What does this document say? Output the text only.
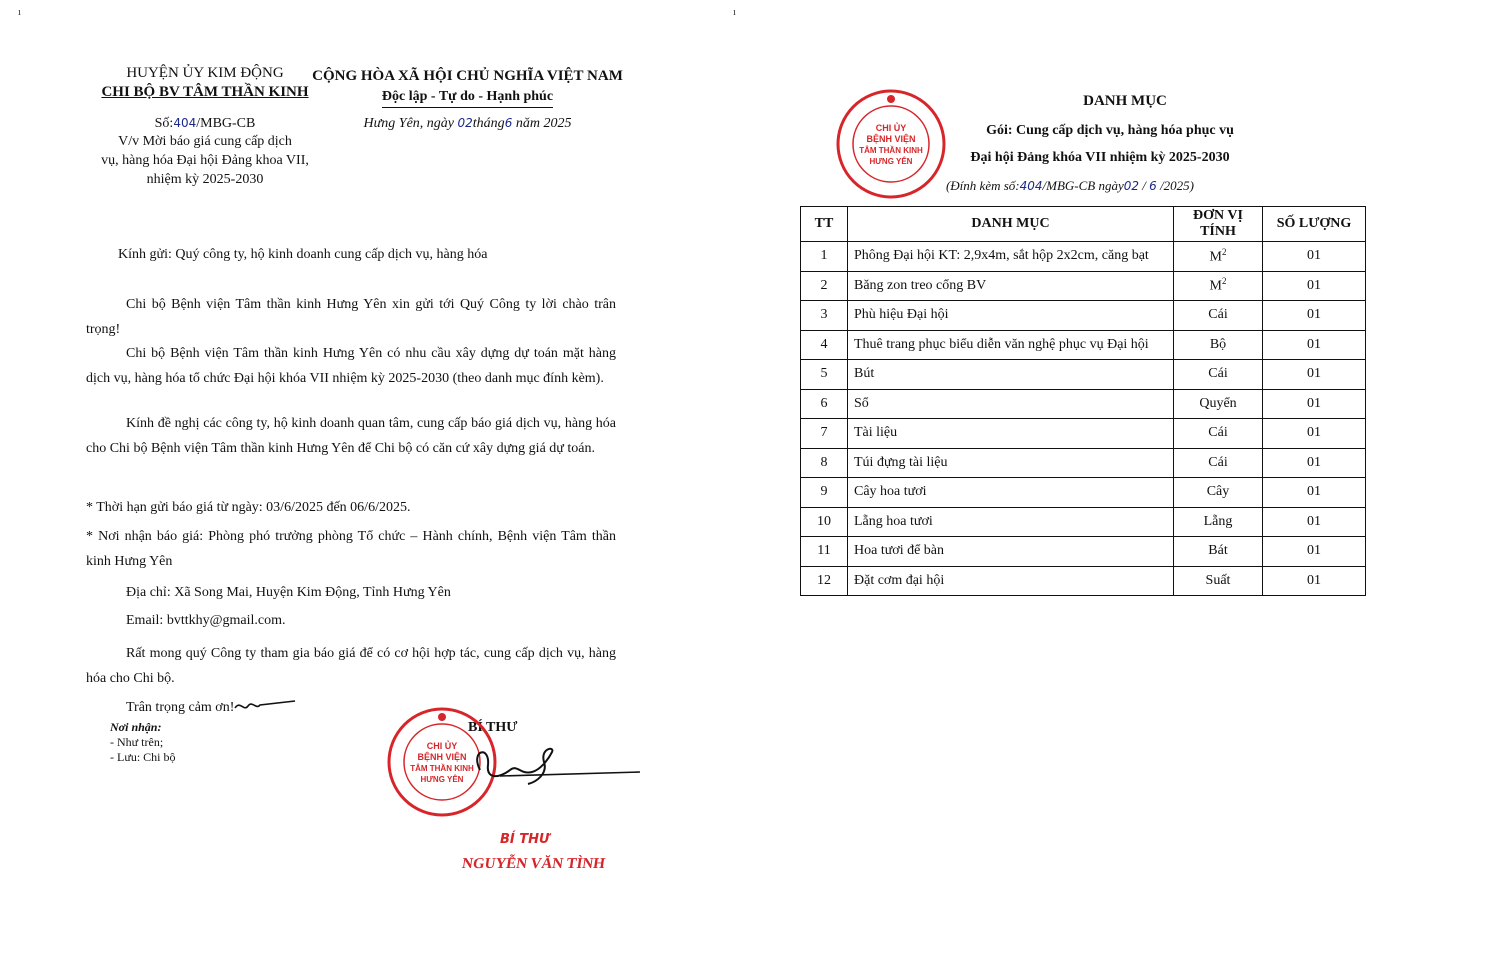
HUYỆN ỦY KIM ĐỘNG
CHI BỘ BV TÂM THẦN KINH
Số:404/MBG-CB
V/v Mời báo giá cung cấp dịch
vụ, hàng hóa Đại hội Đảng khoa VII,
nhiệm kỳ 2025-2030
CỘNG HÒA XÃ HỘI CHỦ NGHĨA VIỆT NAM
Độc lập - Tự do - Hạnh phúc
Hưng Yên, ngày 02tháng6 năm 2025
Kính gửi: Quý công ty, hộ kinh doanh cung cấp dịch vụ, hàng hóa
Chi bộ Bệnh viện Tâm thần kinh Hưng Yên xin gửi tới Quý Công ty lời chào trân trọng!
Chi bộ Bệnh viện Tâm thần kinh Hưng Yên có nhu cầu xây dựng dự toán mặt hàng dịch vụ, hàng hóa tổ chức Đại hội khóa VII nhiệm kỳ 2025-2030 (theo danh mục đính kèm).
Kính đề nghị các công ty, hộ kinh doanh quan tâm, cung cấp báo giá dịch vụ, hàng hóa cho Chi bộ Bệnh viện Tâm thần kinh Hưng Yên để Chi bộ có căn cứ xây dựng giá dự toán.
* Thời hạn gửi báo giá từ ngày: 03/6/2025 đến 06/6/2025.
* Nơi nhận báo giá: Phòng phó trưởng phòng Tổ chức – Hành chính, Bệnh viện Tâm thần kinh Hưng Yên
Địa chỉ: Xã Song Mai, Huyện Kim Động, Tỉnh Hưng Yên
Email: bvttkhy@gmail.com.
Rất mong quý Công ty tham gia báo giá để có cơ hội hợp tác, cung cấp dịch vụ, hàng hóa cho Chi bộ.
Trân trọng cảm ơn!
Nơi nhận:
- Như trên;
- Lưu: Chi bộ
BÍ THƯ
CHI ỦY
BỆNH VIỆN
TÂM THẦN KINH
HƯNG YÊN
BÍ THƯ
NGUYỄN VĂN TÌNH
ı
CHI ỦY
BỆNH VIỆN
TÂM THẦN KINH
HƯNG YÊN
DANH MỤC
Gói: Cung cấp dịch vụ, hàng hóa phục vụ
Đại hội Đảng khóa VII nhiệm kỳ 2025-2030
(Đính kèm số:404/MBG-CB ngày02 / 6 /2025)
TT	DANH MỤC	ĐƠN VỊ TÍNH	SỐ LƯỢNG
1	Phông Đại hội KT: 2,9x4m, sắt hộp 2x2cm, căng bạt	$M^2$	01
2	Băng zon treo cổng BV	$M^2$	01
3	Phù hiệu Đại hội	Cái	01
4	Thuê trang phục biểu diễn văn nghệ phục vụ Đại hội	Bộ	01
5	Bút	Cái	01
6	Sổ	Quyển	01
7	Tài liệu	Cái	01
8	Túi đựng tài liệu	Cái	01
9	Cây hoa tươi	Cây	01
10	Lẵng hoa tươi	Lẵng	01
11	Hoa tươi để bàn	Bát	01
12	Đặt cơm đại hội	Suất	01
ı
